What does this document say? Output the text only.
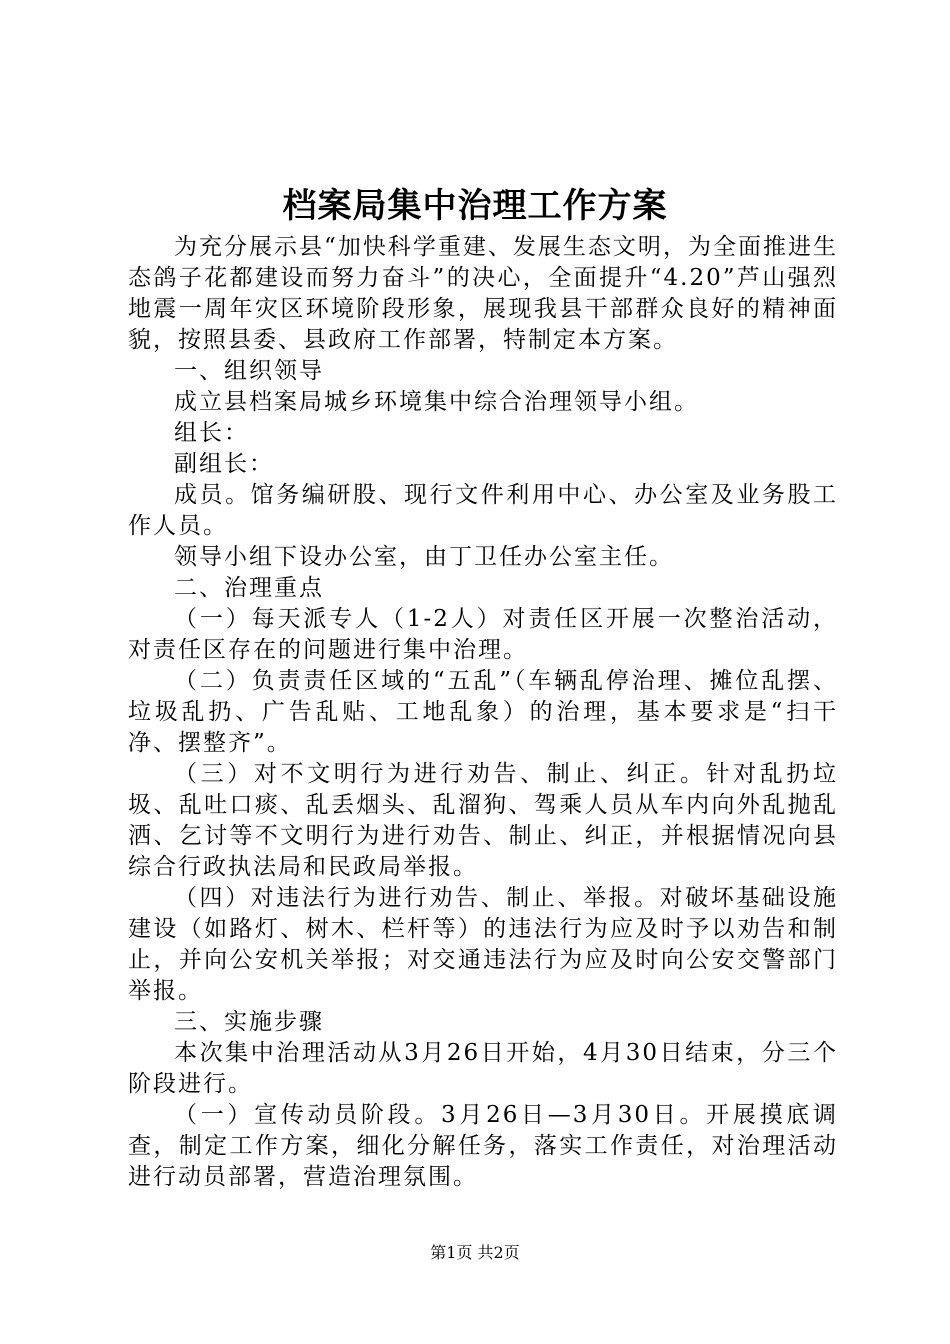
档案局集中治理工作方案

为充分展示县“加快科学重建、发展生态文明，为全面推进生态鸽子花都建设而努力奋斗”的决心，全面提升“4.20”芦山强烈地震一周年灾区环境阶段形象，展现我县干部群众良好的精神面貌，按照县委、县政府工作部署，特制定本方案。

一、组织领导

成立县档案局城乡环境集中综合治理领导小组。

组长：

副组长：

成员。馆务编研股、现行文件利用中心、办公室及业务股工作人员。

领导小组下设办公室，由丁卫任办公室主任。

二、治理重点

（一）每天派专人（1-2人）对责任区开展一次整治活动，对责任区存在的问题进行集中治理。

（二）负责责任区域的“五乱”（车辆乱停治理、摊位乱摆、垃圾乱扔、广告乱贴、工地乱象）的治理，基本要求是“扫干净、摆整齐”。

（三）对不文明行为进行劝告、制止、纠正。针对乱扔垃圾、乱吐口痰、乱丢烟头、乱溜狗、驾乘人员从车内向外乱抛乱洒、乞讨等不文明行为进行劝告、制止、纠正，并根据情况向县综合行政执法局和民政局举报。

（四）对违法行为进行劝告、制止、举报。对破坏基础设施建设（如路灯、树木、栏杆等）的违法行为应及时予以劝告和制止，并向公安机关举报；对交通违法行为应及时向公安交警部门举报。

三、实施步骤

本次集中治理活动从3月26日开始，4月30日结束，分三个阶段进行。

（一）宣传动员阶段。3月26日—3月30日。开展摸底调查，制定工作方案，细化分解任务，落实工作责任，对治理活动进行动员部署，营造治理氛围。

第1页 共2页
